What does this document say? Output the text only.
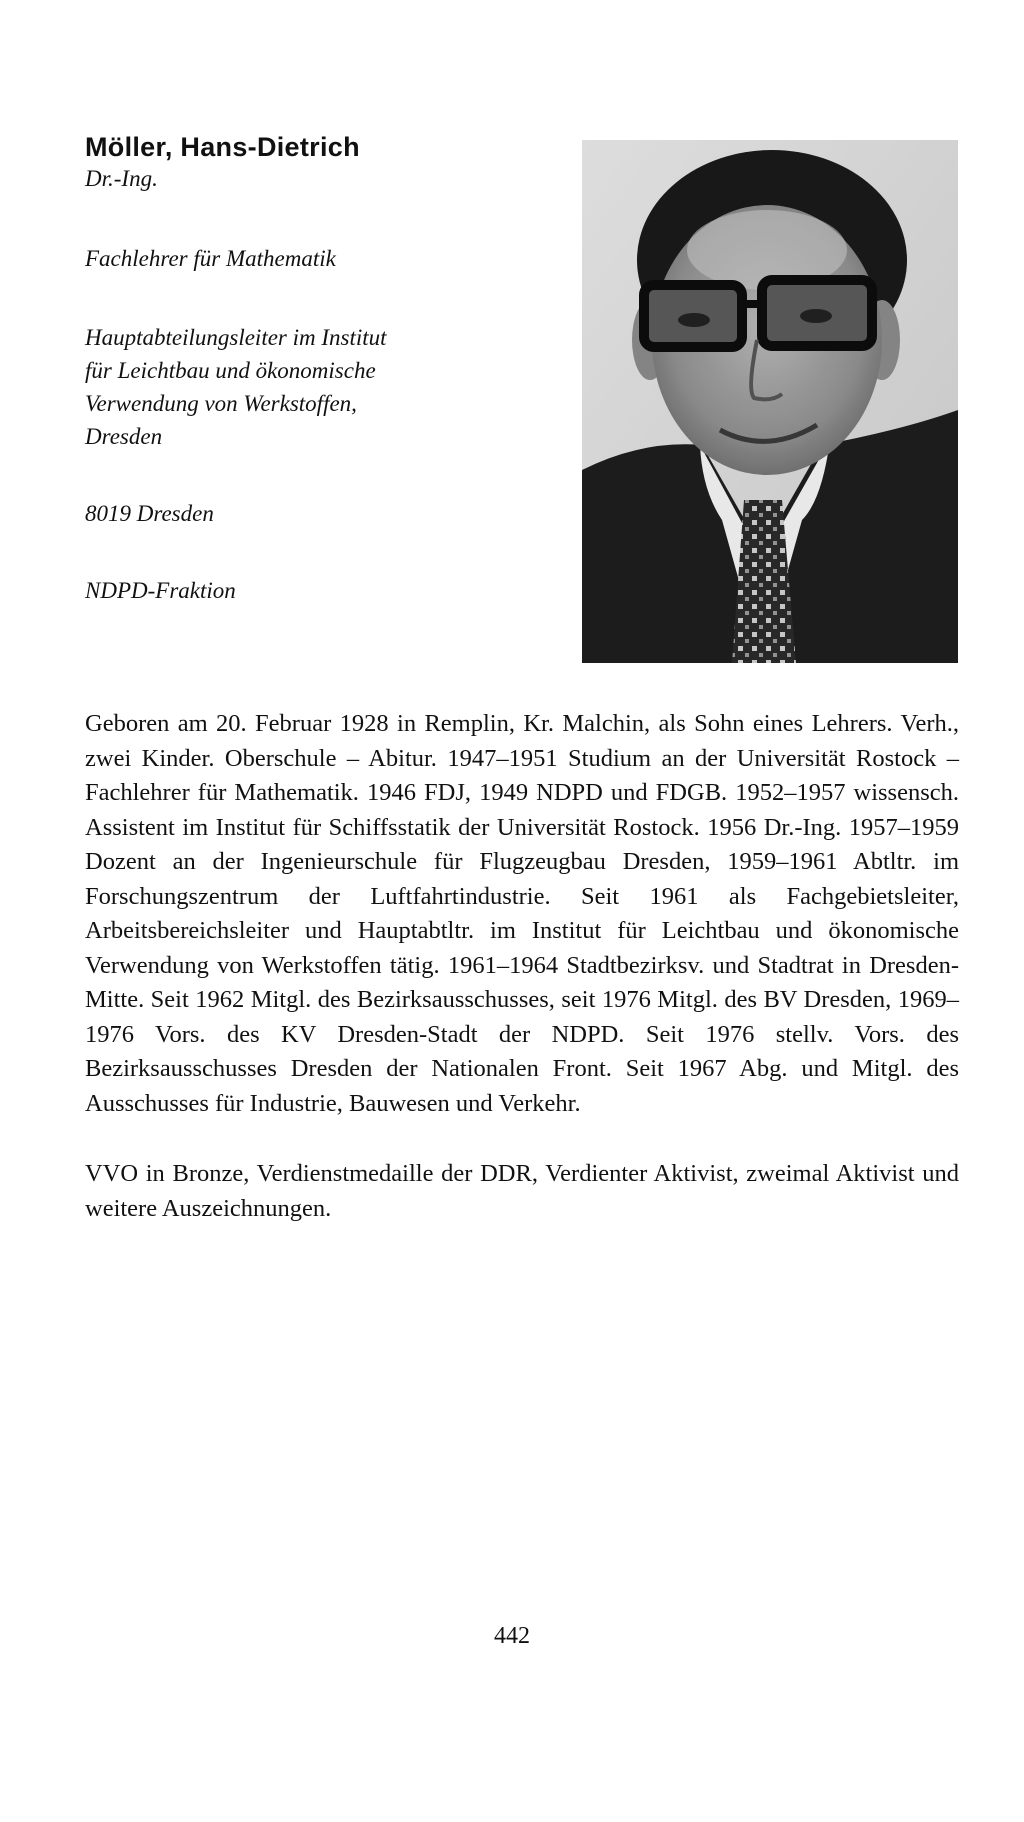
Möller, Hans-Dietrich

Dr.-Ing.

Fachlehrer für Mathematik

Hauptabteilungsleiter im Institut

für Leichtbau und ökonomische

Verwendung von Werkstoffen,

Dresden

8019 Dresden

NDPD-Fraktion

Geboren am 20. Februar 1928 in Remplin, Kr. Malchin, als Sohn eines Lehrers. Verh., zwei Kinder. Oberschule – Abitur. 1947–1951 Studium an der Universität Rostock – Fachlehrer für Mathematik. 1946 FDJ, 1949 NDPD und FDGB. 1952–1957 wissensch. Assistent im Institut für Schiffsstatik der Universität Rostock. 1956 Dr.-Ing. 1957–1959 Dozent an der Ingenieurschule für Flugzeugbau Dresden, 1959–1961 Abtltr. im Forschungszentrum der Luftfahrtindustrie. Seit 1961 als Fachgebietsleiter, Arbeitsbereichsleiter und Hauptabtltr. im Institut für Leichtbau und ökonomische Verwendung von Werkstoffen tätig. 1961–1964 Stadtbezirksv. und Stadtrat in Dresden-Mitte. Seit 1962 Mitgl. des Bezirksausschusses, seit 1976 Mitgl. des BV Dresden, 1969–1976 Vors. des KV Dresden-Stadt der NDPD. Seit 1976 stellv. Vors. des Bezirksausschusses Dresden der Nationalen Front. Seit 1967 Abg. und Mitgl. des Ausschusses für Industrie, Bauwesen und Verkehr.

VVO in Bronze, Verdienstmedaille der DDR, Verdienter Aktivist, zweimal Aktivist und weitere Auszeichnungen.

442
